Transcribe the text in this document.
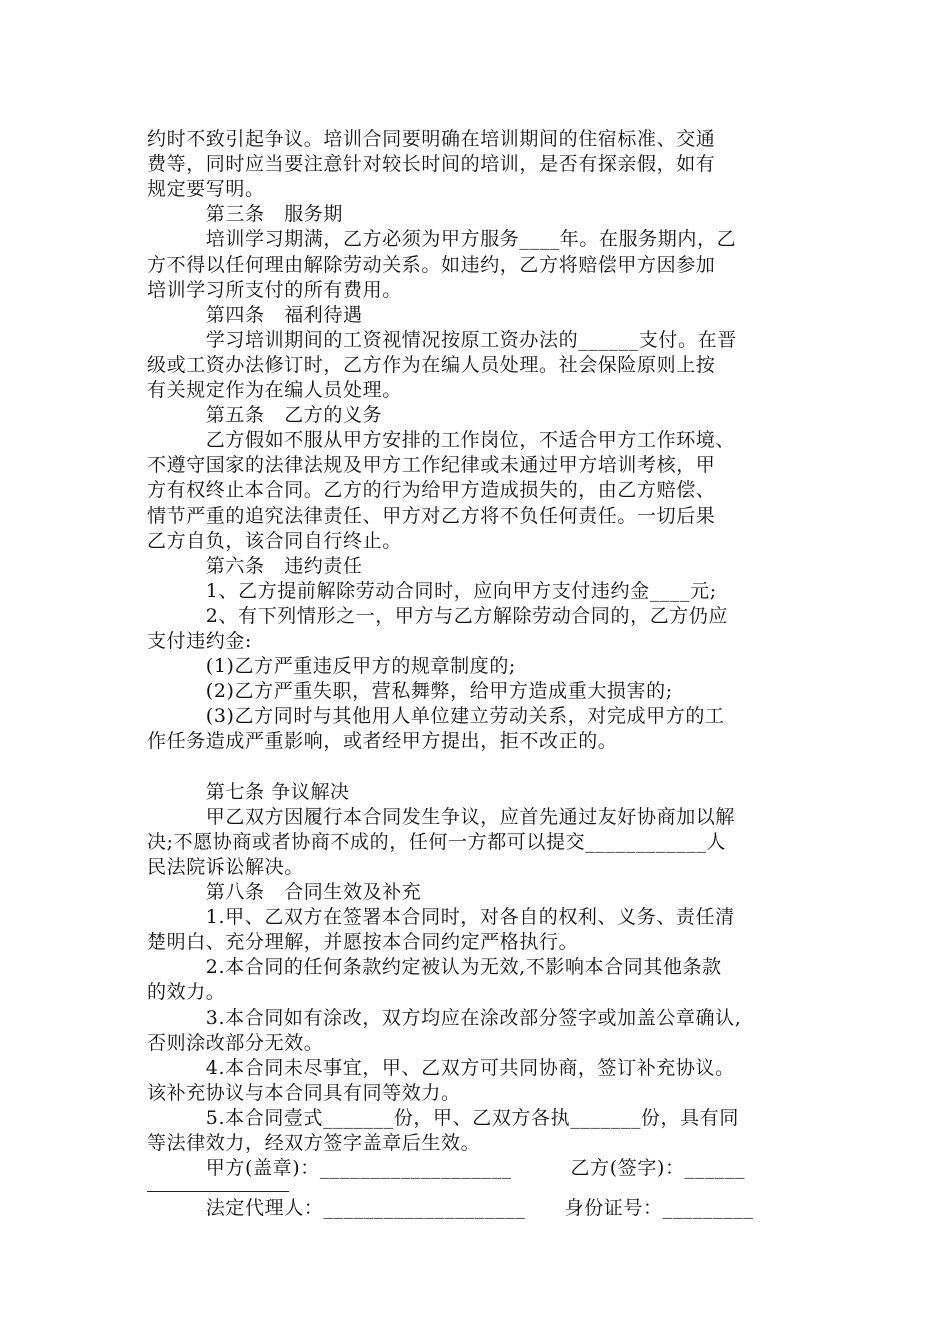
约时不致引起争议。培训合同要明确在培训期间的住宿标准、交通
费等，同时应当要注意针对较长时间的培训，是否有探亲假，如有
规定要写明。
　　　第三条　服务期
　　　培训学习期满，乙方必须为甲方服务____年。在服务期内，乙
方不得以任何理由解除劳动关系。如违约，乙方将赔偿甲方因参加
培训学习所支付的所有费用。
　　　第四条　福利待遇
　　　学习培训期间的工资视情况按原工资办法的______支付。在晋
级或工资办法修订时，乙方作为在编人员处理。社会保险原则上按
有关规定作为在编人员处理。
　　　第五条　乙方的义务
　　　乙方假如不服从甲方安排的工作岗位，不适合甲方工作环境、
不遵守国家的法律法规及甲方工作纪律或未通过甲方培训考核，甲
方有权终止本合同。乙方的行为给甲方造成损失的，由乙方赔偿、
情节严重的追究法律责任、甲方对乙方将不负任何责任。一切后果
乙方自负，该合同自行终止。
　　　第六条　违约责任
　　　1、乙方提前解除劳动合同时，应向甲方支付违约金____元;
　　　2、有下列情形之一，甲方与乙方解除劳动合同的，乙方仍应
支付违约金:
　　　(1)乙方严重违反甲方的规章制度的;
　　　(2)乙方严重失职，营私舞弊，给甲方造成重大损害的;
　　　(3)乙方同时与其他用人单位建立劳动关系，对完成甲方的工
作任务造成严重影响，或者经甲方提出，拒不改正的。
　　　第七条 争议解决
　　　甲乙双方因履行本合同发生争议，应首先通过友好协商加以解
决;不愿协商或者协商不成的，任何一方都可以提交____________人
民法院诉讼解决。
　　　第八条　合同生效及补充
　　　1.甲、乙双方在签署本合同时，对各自的权利、义务、责任清
楚明白、充分理解，并愿按本合同约定严格执行。
　　　2.本合同的任何条款约定被认为无效,不影响本合同其他条款
的效力。
　　　3.本合同如有涂改，双方均应在涂改部分签字或加盖公章确认,
否则涂改部分无效。
　　　4.本合同未尽事宜，甲、乙双方可共同协商，签订补充协议。
该补充协议与本合同具有同等效力。
　　　5.本合同壹式_______份，甲、乙双方各执_______份，具有同
等法律效力，经双方签字盖章后生效。
　　　甲方(盖章)：___________________　　　乙方(签字)：______
　　　法定代理人：____________________　　身份证号：_________
